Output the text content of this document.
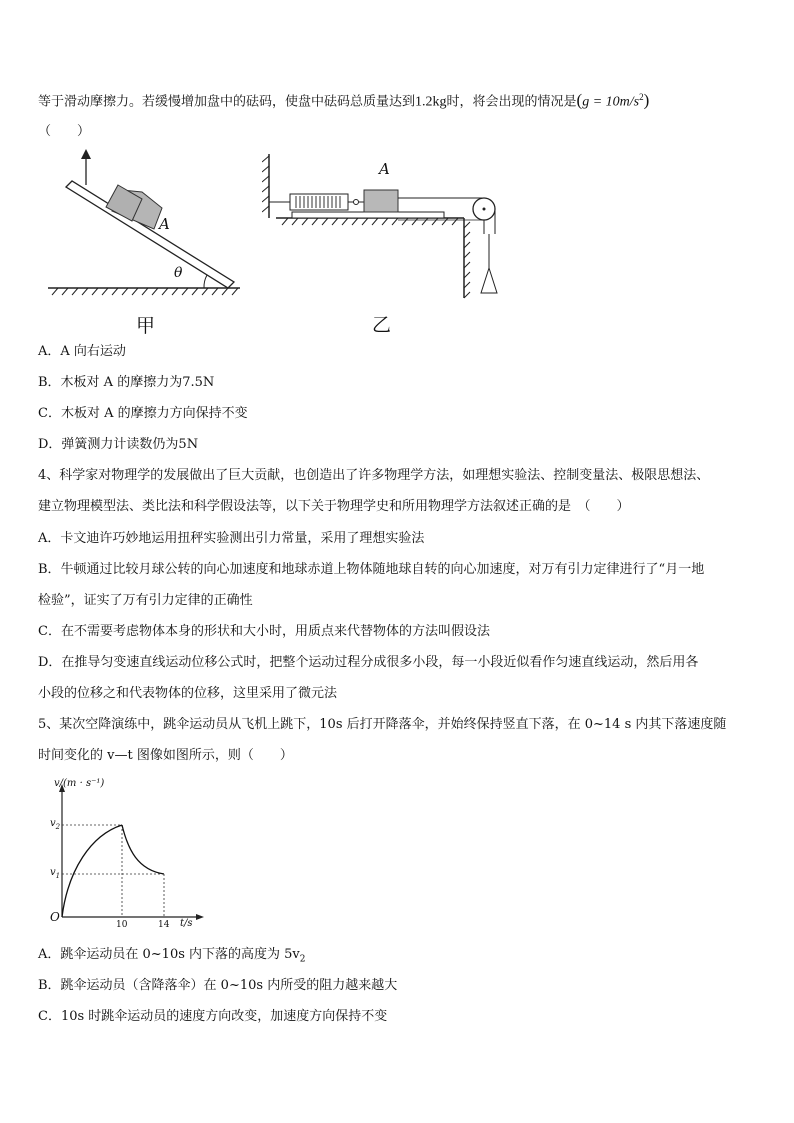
等于滑动摩擦力。若缓慢增加盘中的砝码，使盘中砝码总质量达到1.2kg时，将会出现的情况是$(g = 10m/s^2)$
（　　）
A
θ
甲
A
乙
A．A 向右运动
B．木板对 A 的摩擦力为7.5N
C．木板对 A 的摩擦力方向保持不变
D．弹簧测力计读数仍为5N
4、科学家对物理学的发展做出了巨大贡献，也创造出了许多物理学方法，如理想实验法、控制变量法、极限思想法、
建立物理模型法、类比法和科学假设法等，以下关于物理学史和所用物理学方法叙述正确的是　（　　）
A．卡文迪许巧妙地运用扭秤实验测出引力常量，采用了理想实验法
B．牛顿通过比较月球公转的向心加速度和地球赤道上物体随地球自转的向心加速度，对万有引力定律进行了“月一地
检验”，证实了万有引力定律的正确性
C．在不需要考虑物体本身的形状和大小时，用质点来代替物体的方法叫假设法
D．在推导匀变速直线运动位移公式时，把整个运动过程分成很多小段，每一小段近似看作匀速直线运动，然后用各
小段的位移之和代表物体的位移，这里采用了微元法
5、某次空降演练中，跳伞运动员从飞机上跳下，10s 后打开降落伞，并始终保持竖直下落，在 0~14 s 内其下落速度随
时间变化的 v—t 图像如图所示，则（　　）
v/(m · s⁻¹)
t/s
O
$v_2$
$v_1$
10	14
A．跳伞运动员在 0~10s 内下落的高度为 $5v_2$
B．跳伞运动员（含降落伞）在 0~10s 内所受的阻力越来越大
C．10s 时跳伞运动员的速度方向改变，加速度方向保持不变
